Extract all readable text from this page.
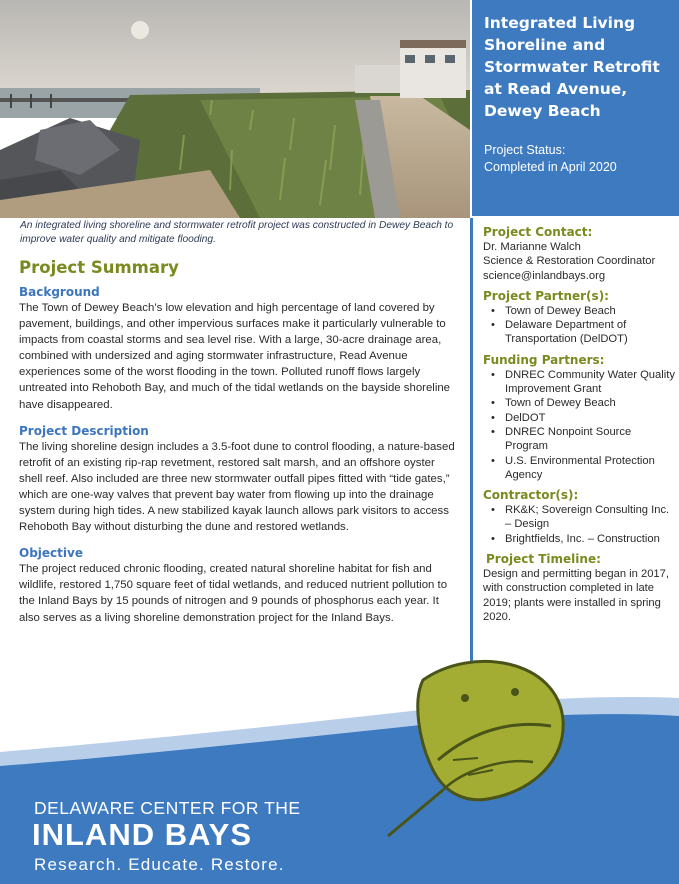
Integrated Living Shoreline and Stormwater Retrofit at Read Avenue, Dewey Beach
Project Status:
Completed in April 2020
An integrated living shoreline and stormwater retrofit project was constructed in Dewey Beach to improve water quality and mitigate flooding.
Project Summary
Background
The Town of Dewey Beach’s low elevation and high percentage of land covered by pavement, buildings, and other impervious surfaces make it particularly vulnerable to impacts from coastal storms and sea level rise. With a large, 30-acre drainage area, combined with undersized and aging stormwater infrastructure, Read Avenue experiences some of the worst flooding in the town. Polluted runoff flows largely untreated into Rehoboth Bay, and much of the tidal wetlands on the bayside shoreline have disappeared.
Project Description
The living shoreline design includes a 3.5-foot dune to control flooding, a nature-based retrofit of an existing rip-rap revetment, restored salt marsh, and an offshore oyster shell reef. Also included are three new stormwater outfall pipes fitted with “tide gates,” which are one-way valves that prevent bay water from flowing up into the drainage system during high tides. A new stabilized kayak launch allows park visitors to access Rehoboth Bay without disturbing the dune and restored wetlands.
Objective
The project reduced chronic flooding, created natural shoreline habitat for fish and wildlife, restored 1,750 square feet of tidal wetlands, and reduced nutrient pollution to the Inland Bays by 15 pounds of nitrogen and 9 pounds of phosphorus each year. It also serves as a living shoreline demonstration project for the Inland Bays.
Project Contact:
Dr. Marianne Walch
Science & Restoration Coordinator
science@inlandbays.org
Project Partner(s):
• Town of Dewey Beach
• Delaware Department of Transportation (DelDOT)
Funding Partners:
• DNREC Community Water Quality Improvement Grant
• Town of Dewey Beach
• DelDOT
• DNREC Nonpoint Source Program
• U.S. Environmental Protection Agency
Contractor(s):
• RK&K; Sovereign Consulting Inc. – Design
• Brightfields, Inc. – Construction
Project Timeline:
Design and permitting began in 2017, with construction completed in late 2019; plants were installed in spring 2020.
DELAWARE CENTER FOR THE
INLAND BAYS
Research. Educate. Restore.
